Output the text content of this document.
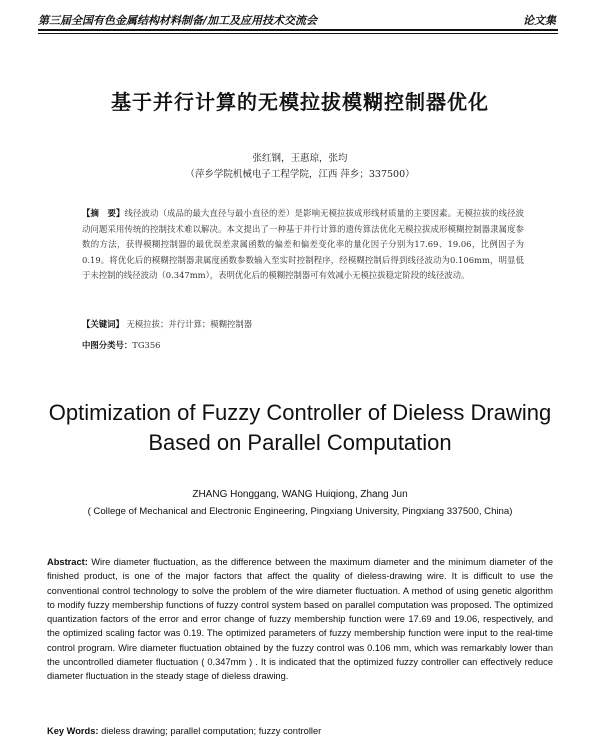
第三届全国有色金属结构材料制备/加工及应用技术交流会	论文集
基于并行计算的无模拉拔模糊控制器优化
张红钢，王惠琼，张均
（萍乡学院机械电子工程学院，江西 萍乡；337500）
【摘　要】线径波动（成品的最大直径与最小直径的差）是影响无模拉拔成形线材质量的主要因素。无模拉拔的线径波动问题采用传统的控制技术难以解决。本文提出了一种基于并行计算的遗传算法优化无模拉拔成形模糊控制器隶属度参数的方法，获得模糊控制器的最优误差隶属函数的偏差和偏差变化率的量化因子分别为17.69、19.06，比例因子为0.19。将优化后的模糊控制器隶属度函数参数输入至实时控制程序，经模糊控制后得到线径波动为0.106mm，明显低于未控制的线径波动（0.347mm），表明优化后的模糊控制器可有效减小无模拉拔稳定阶段的线径波动。
【关键词】 无模拉拔；并行计算；模糊控制器
中图分类号：TG356
Optimization of Fuzzy Controller of Dieless Drawing
Based on Parallel Computation
ZHANG Honggang, WANG Huiqiong, Zhang Jun
( College of Mechanical and Electronic Engineering, Pingxiang University, Pingxiang 337500, China)
Abstract: Wire diameter fluctuation, as the difference between the maximum diameter and the minimum diameter of the finished product, is one of the major factors that affect the quality of dieless-drawing wire. It is difficult to use the conventional control technology to solve the problem of the wire diameter fluctuation. A method of using genetic algorithm to modify fuzzy membership functions of fuzzy control system based on parallel computation was proposed. The optimized quantization factors of the error and error change of fuzzy membership function were 17.69 and 19.06, respectively, and the optimized scaling factor was 0.19. The optimized parameters of fuzzy membership function were input to the real-time control program. Wire diameter fluctuation obtained by the fuzzy control was 0.106 mm, which was remarkably lower than the uncontrolled diameter fluctuation ( 0.347mm ) . It is indicated that the optimized fuzzy controller can effectively reduce diameter fluctuation in the steady stage of dieless drawing.
Key Words: dieless drawing; parallel computation; fuzzy controller
